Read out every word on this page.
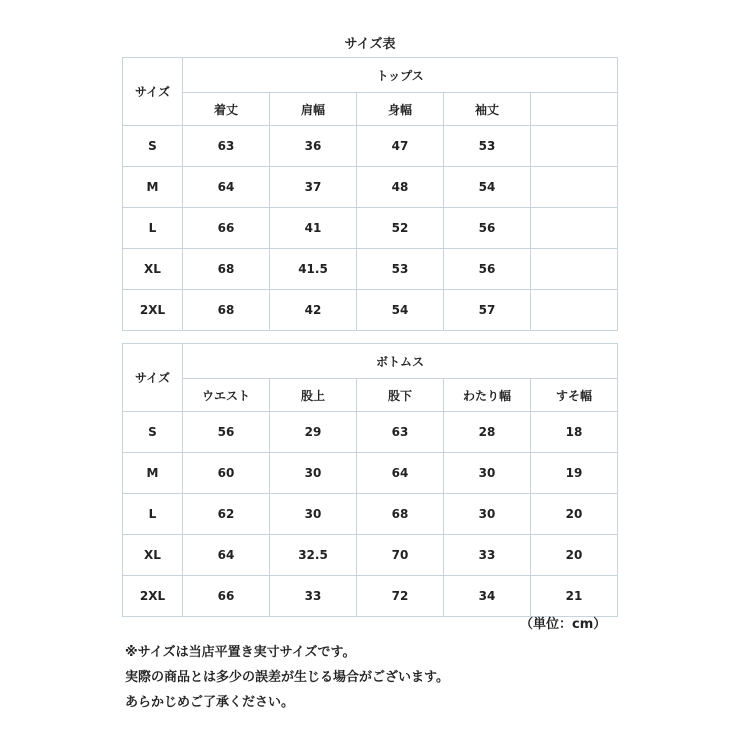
サイズ表
サイズ	トップス				
	着丈	肩幅	身幅	袖丈	
S	63	36	47	53	
M	64	37	48	54	
L	66	41	52	56	
XL	68	41.5	53	56	
2XL	68	42	54	57	
サイズ	ボトムス				
	ウエスト	股上	股下	わたり幅	すそ幅
S	56	29	63	28	18
M	60	30	64	30	19
L	62	30	68	30	20
XL	64	32.5	70	33	20
2XL	66	33	72	34	21
（単位：cm）
※サイズは当店平置き実寸サイズです。
実際の商品とは多少の誤差が生じる場合がございます。
あらかじめご了承ください。
